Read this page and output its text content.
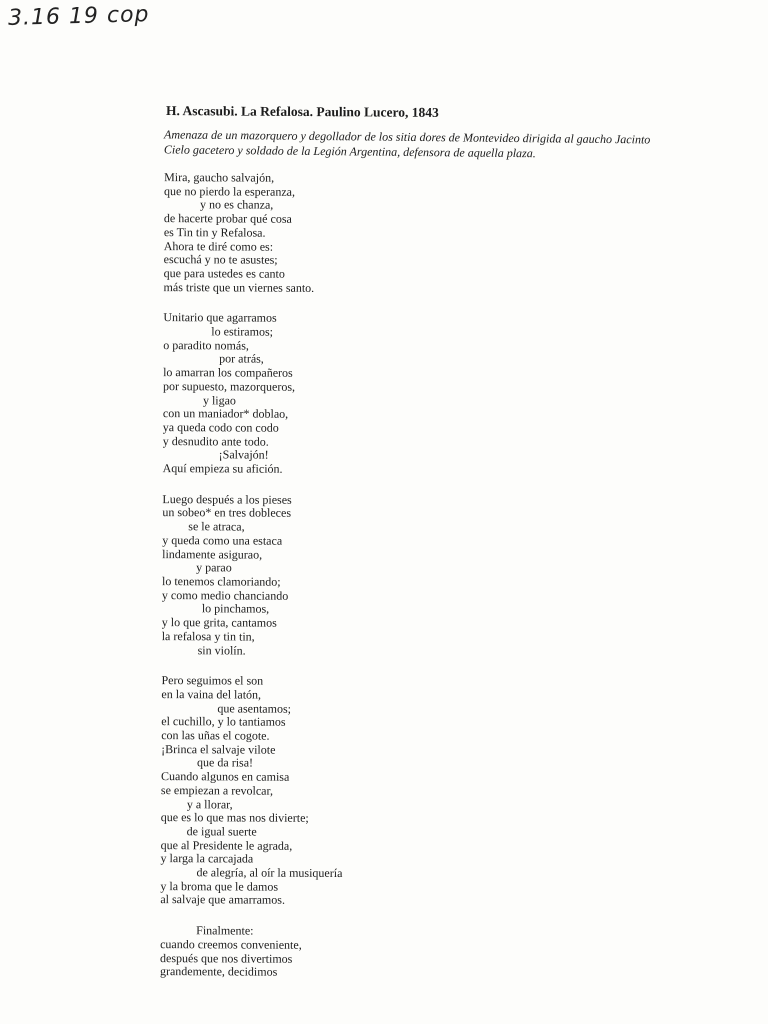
3.16 19 cop
H. Ascasubi. La Refalosa. Paulino Lucero, 1843

Amenaza de un mazorquero y degollador de los sitia dores de Montevideo dirigida al gaucho Jacinto Cielo gacetero y soldado de la Legión Argentina, defensora de aquella plaza.

Mira, gaucho salvajón,
que no pierdo la esperanza,
y no es chanza,
de hacerte probar qué cosa
es Tin tin y Refalosa.
Ahora te diré como es:
escuchá y no te asustes;
que para ustedes es canto
más triste que un viernes santo.
Unitario que agarramos
lo estiramos;
o paradito nomás,
por atrás,
lo amarran los compañeros
por supuesto, mazorqueros,
y ligao
con un maniador* doblao,
ya queda codo con codo
y desnudito ante todo.
¡Salvajón!
Aquí empieza su afición.
Luego después a los pieses
un sobeo* en tres dobleces
se le atraca,
y queda como una estaca
lindamente asigurao,
y parao
lo tenemos clamoriando;
y como medio chanciando
lo pinchamos,
y lo que grita, cantamos
la refalosa y tin tin,
sin violín.
Pero seguimos el son
en la vaina del latón,
que asentamos;
el cuchillo, y lo tantiamos
con las uñas el cogote.
¡Brinca el salvaje vilote
que da risa!
Cuando algunos en camisa
se empiezan a revolcar,
y a llorar,
que es lo que mas nos divierte;
de igual suerte
que al Presidente le agrada,
y larga la carcajada
de alegría, al oír la musiquería
y la broma que le damos
al salvaje que amarramos.
Finalmente:
cuando creemos conveniente,
después que nos divertimos
grandemente, decidimos
